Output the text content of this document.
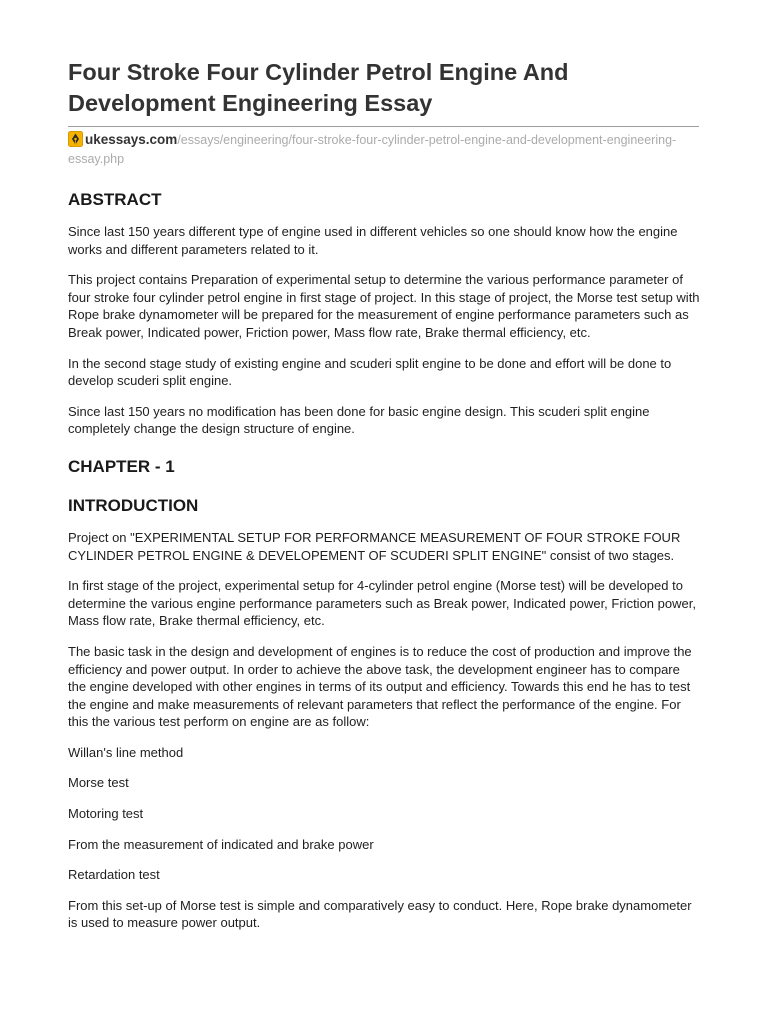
Four Stroke Four Cylinder Petrol Engine And Development Engineering Essay
ukessays.com/essays/engineering/four-stroke-four-cylinder-petrol-engine-and-development-engineering-essay.php
ABSTRACT

Since last 150 years different type of engine used in different vehicles so one should know how the engine works and different parameters related to it.

This project contains Preparation of experimental setup to determine the various performance parameter of four stroke four cylinder petrol engine in first stage of project. In this stage of project, the Morse test setup with Rope brake dynamometer will be prepared for the measurement of engine performance parameters such as Break power, Indicated power, Friction power, Mass flow rate, Brake thermal efficiency, etc.

In the second stage study of existing engine and scuderi split engine to be done and effort will be done to develop scuderi split engine.

Since last 150 years no modification has been done for basic engine design. This scuderi split engine completely change the design structure of engine.

CHAPTER - 1
INTRODUCTION

Project on "EXPERIMENTAL SETUP FOR PERFORMANCE MEASUREMENT OF FOUR STROKE FOUR CYLINDER PETROL ENGINE & DEVELOPEMENT OF SCUDERI SPLIT ENGINE" consist of two stages.

In first stage of the project, experimental setup for 4-cylinder petrol engine (Morse test) will be developed to determine the various engine performance parameters such as Break power, Indicated power, Friction power, Mass flow rate, Brake thermal efficiency, etc.

The basic task in the design and development of engines is to reduce the cost of production and improve the efficiency and power output. In order to achieve the above task, the development engineer has to compare the engine developed with other engines in terms of its output and efficiency. Towards this end he has to test the engine and make measurements of relevant parameters that reflect the performance of the engine. For this the various test perform on engine are as follow:

Willan's line method

Morse test

Motoring test

From the measurement of indicated and brake power

Retardation test

From this set-up of Morse test is simple and comparatively easy to conduct. Here, Rope brake dynamometer is used to measure power output.
